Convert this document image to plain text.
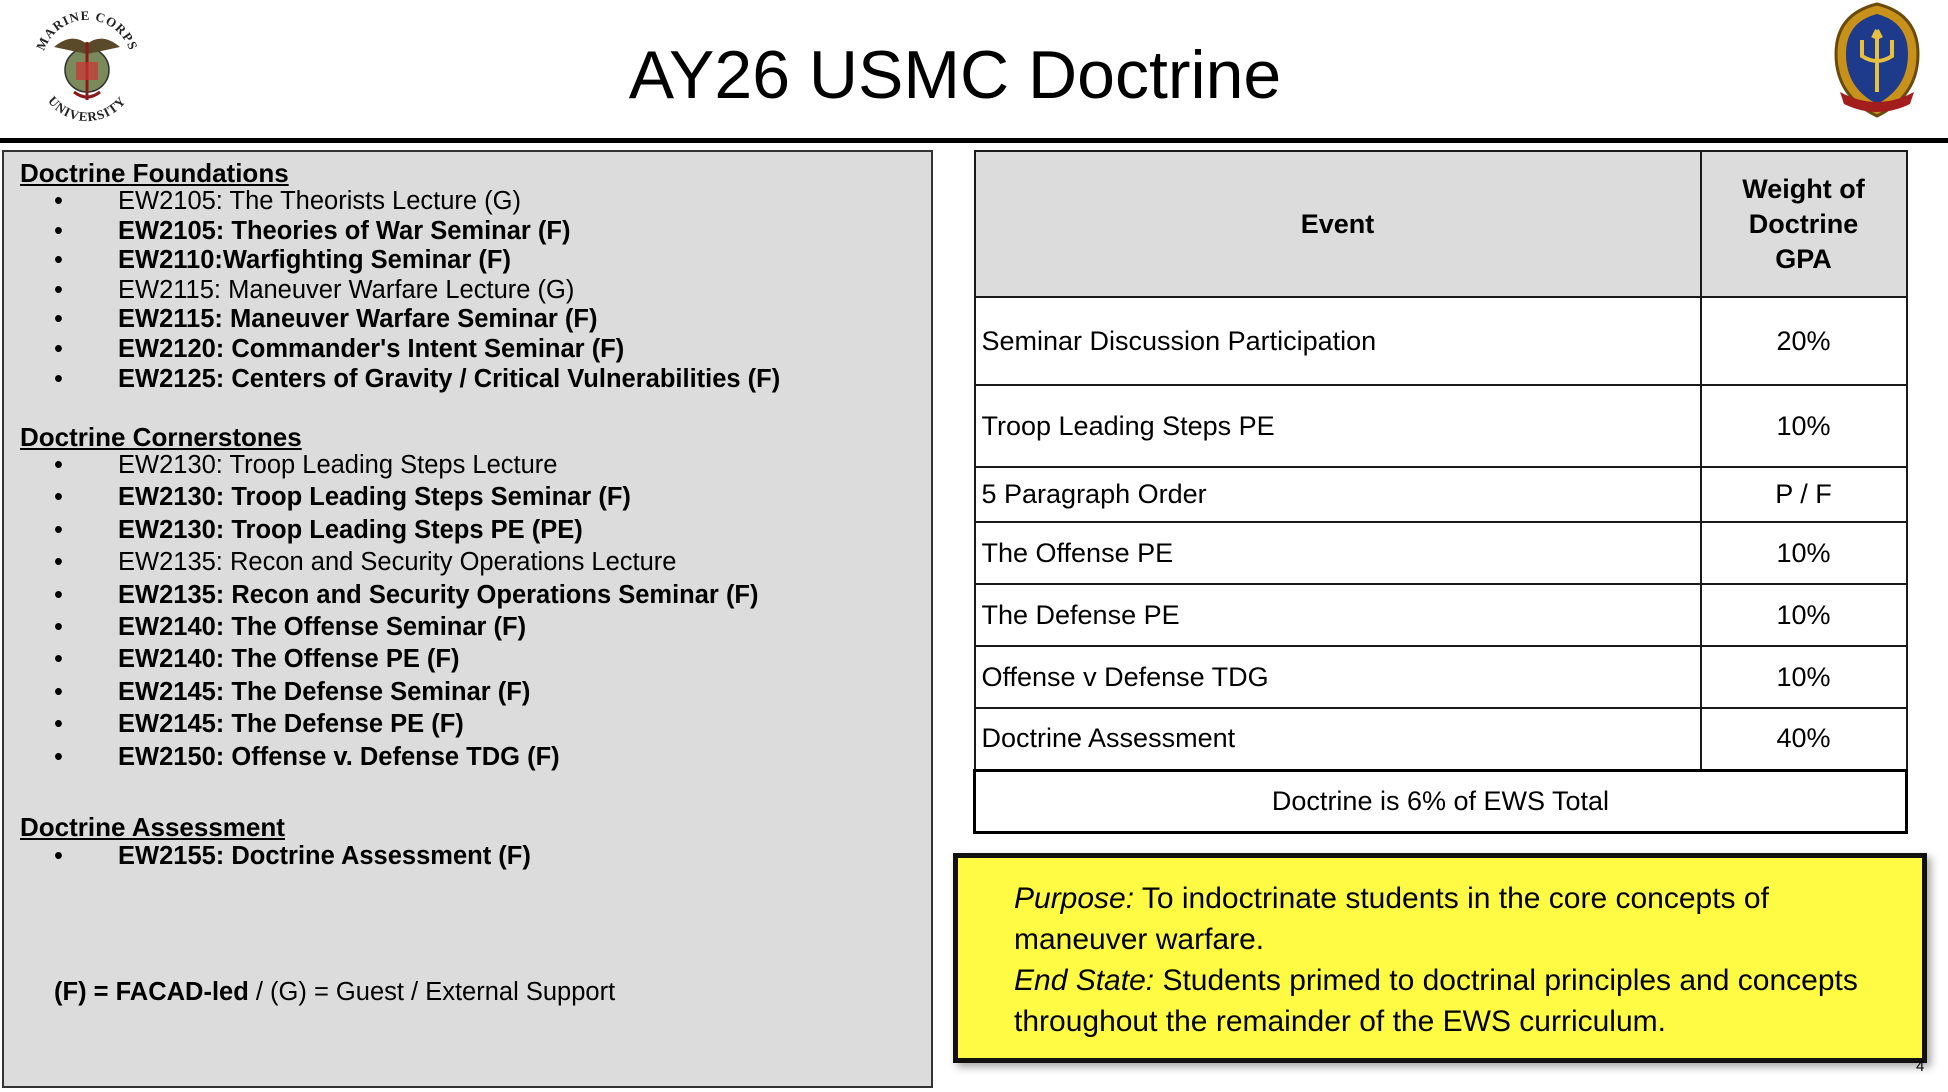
MARINE CORPS
UNIVERSITY	AY26 USMC Doctrine
Doctrine Foundations
• EW2105: The Theorists Lecture (G)
• EW2105: Theories of War Seminar (F)
• EW2110:Warfighting Seminar (F)
• EW2115: Maneuver Warfare Lecture (G)
• EW2115: Maneuver Warfare Seminar (F)
• EW2120: Commander's Intent Seminar (F)
• EW2125: Centers of Gravity / Critical Vulnerabilities (F)
Doctrine Cornerstones
• EW2130: Troop Leading Steps Lecture
• EW2130: Troop Leading Steps Seminar (F)
• EW2130: Troop Leading Steps PE (PE)
• EW2135: Recon and Security Operations Lecture
• EW2135: Recon and Security Operations Seminar (F)
• EW2140: The Offense Seminar (F)
• EW2140: The Offense PE (F)
• EW2145: The Defense Seminar (F)
• EW2145: The Defense PE (F)
• EW2150: Offense v. Defense TDG (F)
Doctrine Assessment
• EW2155: Doctrine Assessment (F)
(F) = FACAD-led / (G) = Guest / External Support
Event	Weight of Doctrine GPA
Seminar Discussion Participation	20%
Troop Leading Steps PE	10%
5 Paragraph Order	P / F
The Offense PE	10%
The Defense PE	10%
Offense v Defense TDG	10%
Doctrine Assessment	40%
Doctrine is 6% of EWS Total	
Purpose: To indoctrinate students in the core concepts of maneuver warfare.
End State: Students primed to doctrinal principles and concepts throughout the remainder of the EWS curriculum.
4
